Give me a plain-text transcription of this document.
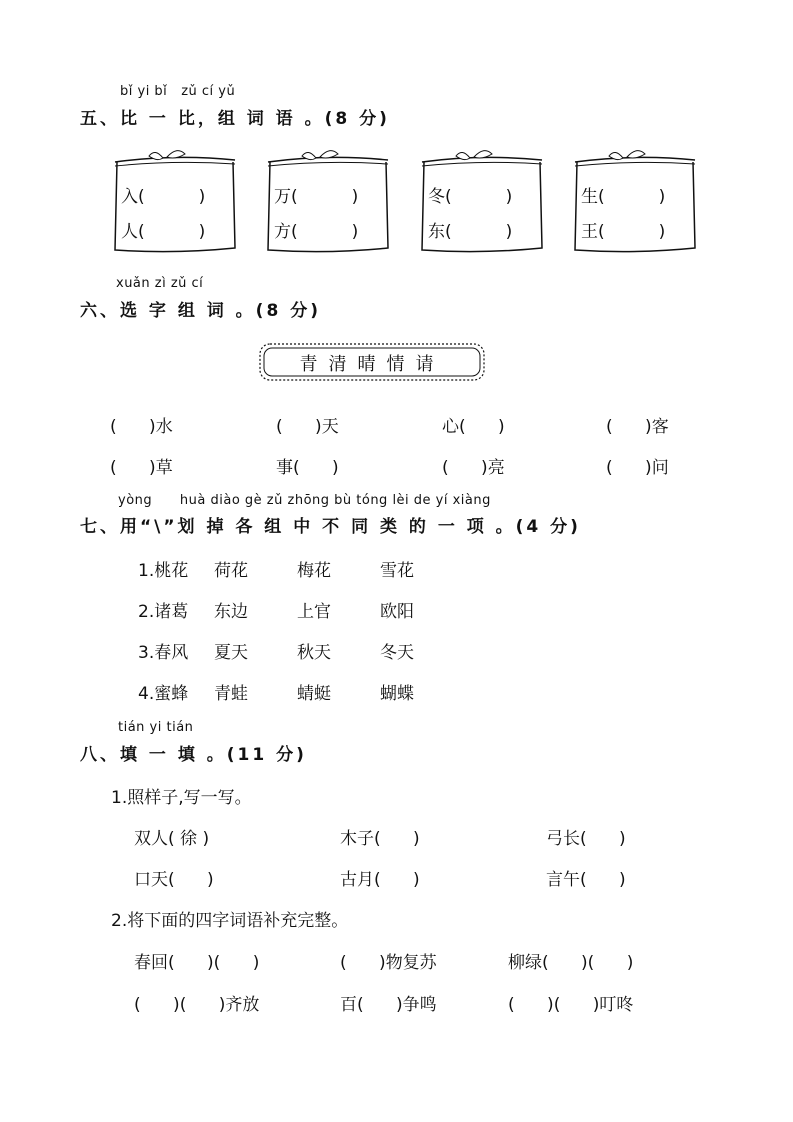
bǐ yi bǐ   zǔ cí yǔ
五、比 一 比，组 词 语 。(8 分)
入(          )
人(          )
万(          )
方(          )
冬(          )
东(          )
生(          )
王(          )
xuǎn zì zǔ cí
六、选 字 组 词 。(8 分)
青清晴情请
(      )水	(      )天	心(      )	(      )客
(      )草	事(      )	(      )亮	(      )问
yòng      huà diào gè zǔ zhōng bù tóng lèi de yí xiàng
七、用“\”划 掉 各 组 中 不 同 类 的 一 项 。(4 分)
1.桃花 荷花	梅花	雪花
2.诸葛 东边	上官	欧阳
3.春风 夏天	秋天	冬天
4.蜜蜂 青蛙	蜻蜓	蝴蝶
tián yi tián
八、填 一 填 。(11 分)
1.照样子,写一写。
双人( 徐 )	木子(      )	弓长(      )
口天(      )	古月(      )	言午(      )
2.将下面的四字词语补充完整。
春回(      )(      )	(      )物复苏	柳绿(      )(      )
(      )(      )齐放	百(      )争鸣	(      )(      )叮咚
